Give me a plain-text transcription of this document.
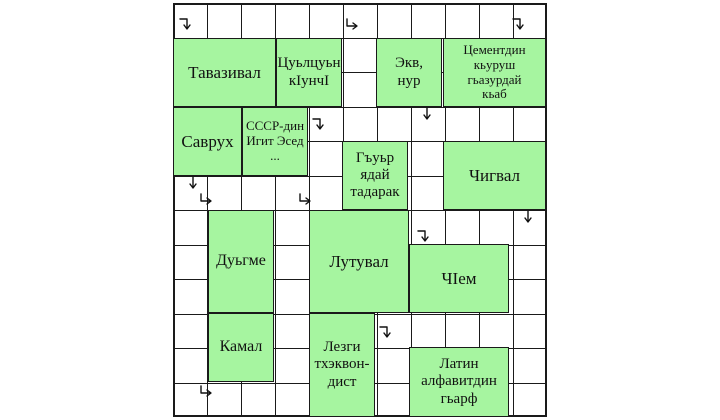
Тавазивал	Цуьлцуьн
кIунчI
Экв,
нур
Цементдин
кьуруш
гьазурдай
кьаб
Саврух
СССР-дин
Игит Эсед
...	Гъуьр
ядай
тадарак
Чигвал
Дуьгме	Лутувал
ЧIем
Камал	Лезги
тхэквон-
дист
Латин
алфавитдин
гьарф
